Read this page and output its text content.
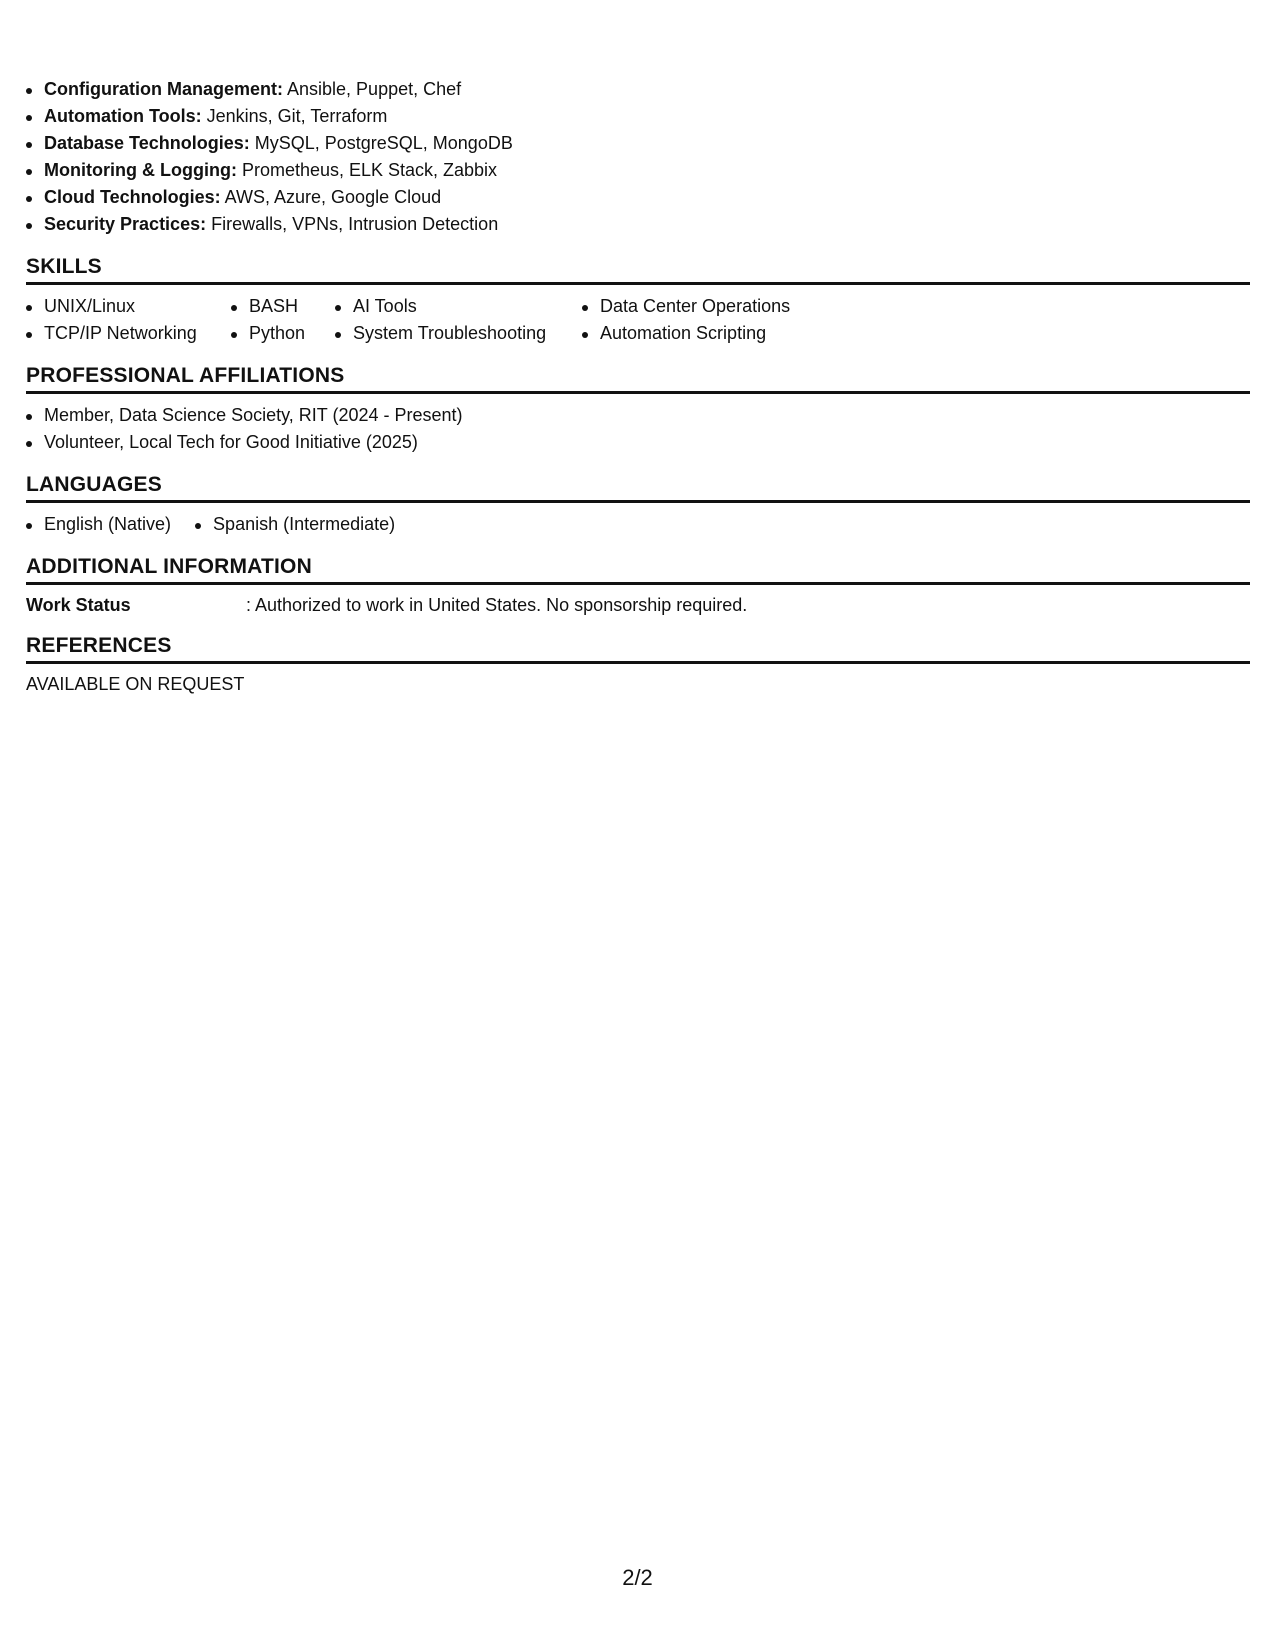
Configuration Management: Ansible, Puppet, Chef
Automation Tools: Jenkins, Git, Terraform
Database Technologies: MySQL, PostgreSQL, MongoDB
Monitoring & Logging: Prometheus, ELK Stack, Zabbix
Cloud Technologies: AWS, Azure, Google Cloud
Security Practices: Firewalls, VPNs, Intrusion Detection
SKILLS
UNIX/Linux
TCP/IP Networking
BASH
Python
AI Tools
System Troubleshooting
Data Center Operations
Automation Scripting
PROFESSIONAL AFFILIATIONS
Member, Data Science Society, RIT (2024 - Present)
Volunteer, Local Tech for Good Initiative (2025)
LANGUAGES
English (Native)	Spanish (Intermediate)
ADDITIONAL INFORMATION
Work Status	: Authorized to work in United States. No sponsorship required.
REFERENCES
AVAILABLE ON REQUEST
2/2
